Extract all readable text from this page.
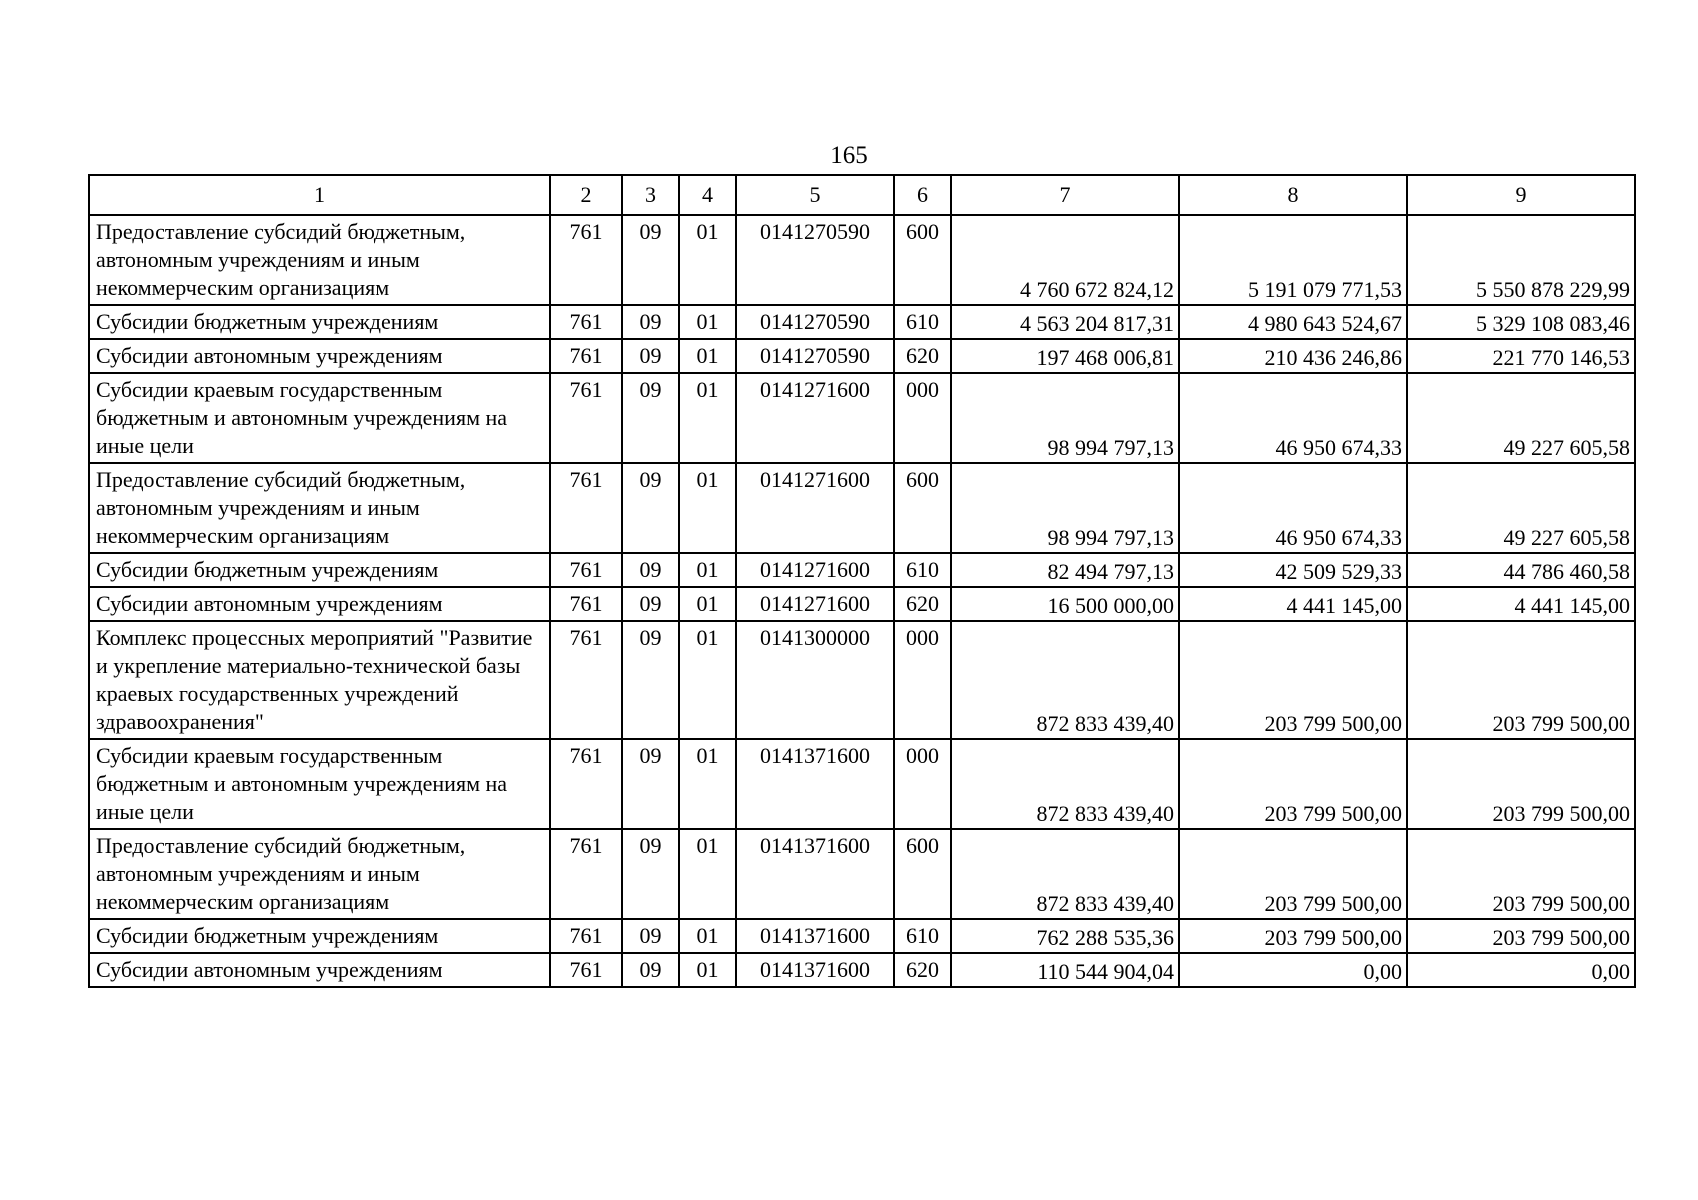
165
1	2	3	4	5	6	7	8	9
Предоставление субсидий бюджетным, автономным учреждениям и иным некоммерческим организациям	761	09	01	0141270590	600	4 760 672 824,12	5 191 079 771,53	5 550 878 229,99
Субсидии бюджетным учреждениям	761	09	01	0141270590	610	4 563 204 817,31	4 980 643 524,67	5 329 108 083,46
Субсидии автономным учреждениям	761	09	01	0141270590	620	197 468 006,81	210 436 246,86	221 770 146,53
Субсидии краевым государственным бюджетным и автономным учреждениям на иные цели	761	09	01	0141271600	000	98 994 797,13	46 950 674,33	49 227 605,58
Предоставление субсидий бюджетным, автономным учреждениям и иным некоммерческим организациям	761	09	01	0141271600	600	98 994 797,13	46 950 674,33	49 227 605,58
Субсидии бюджетным учреждениям	761	09	01	0141271600	610	82 494 797,13	42 509 529,33	44 786 460,58
Субсидии автономным учреждениям	761	09	01	0141271600	620	16 500 000,00	4 441 145,00	4 441 145,00
Комплекс процессных мероприятий "Развитие и укрепление материально-технической базы краевых государственных учреждений здравоохранения"	761	09	01	0141300000	000	872 833 439,40	203 799 500,00	203 799 500,00
Субсидии краевым государственным бюджетным и автономным учреждениям на иные цели	761	09	01	0141371600	000	872 833 439,40	203 799 500,00	203 799 500,00
Предоставление субсидий бюджетным, автономным учреждениям и иным некоммерческим организациям	761	09	01	0141371600	600	872 833 439,40	203 799 500,00	203 799 500,00
Субсидии бюджетным учреждениям	761	09	01	0141371600	610	762 288 535,36	203 799 500,00	203 799 500,00
Субсидии автономным учреждениям	761	09	01	0141371600	620	110 544 904,04	0,00	0,00
